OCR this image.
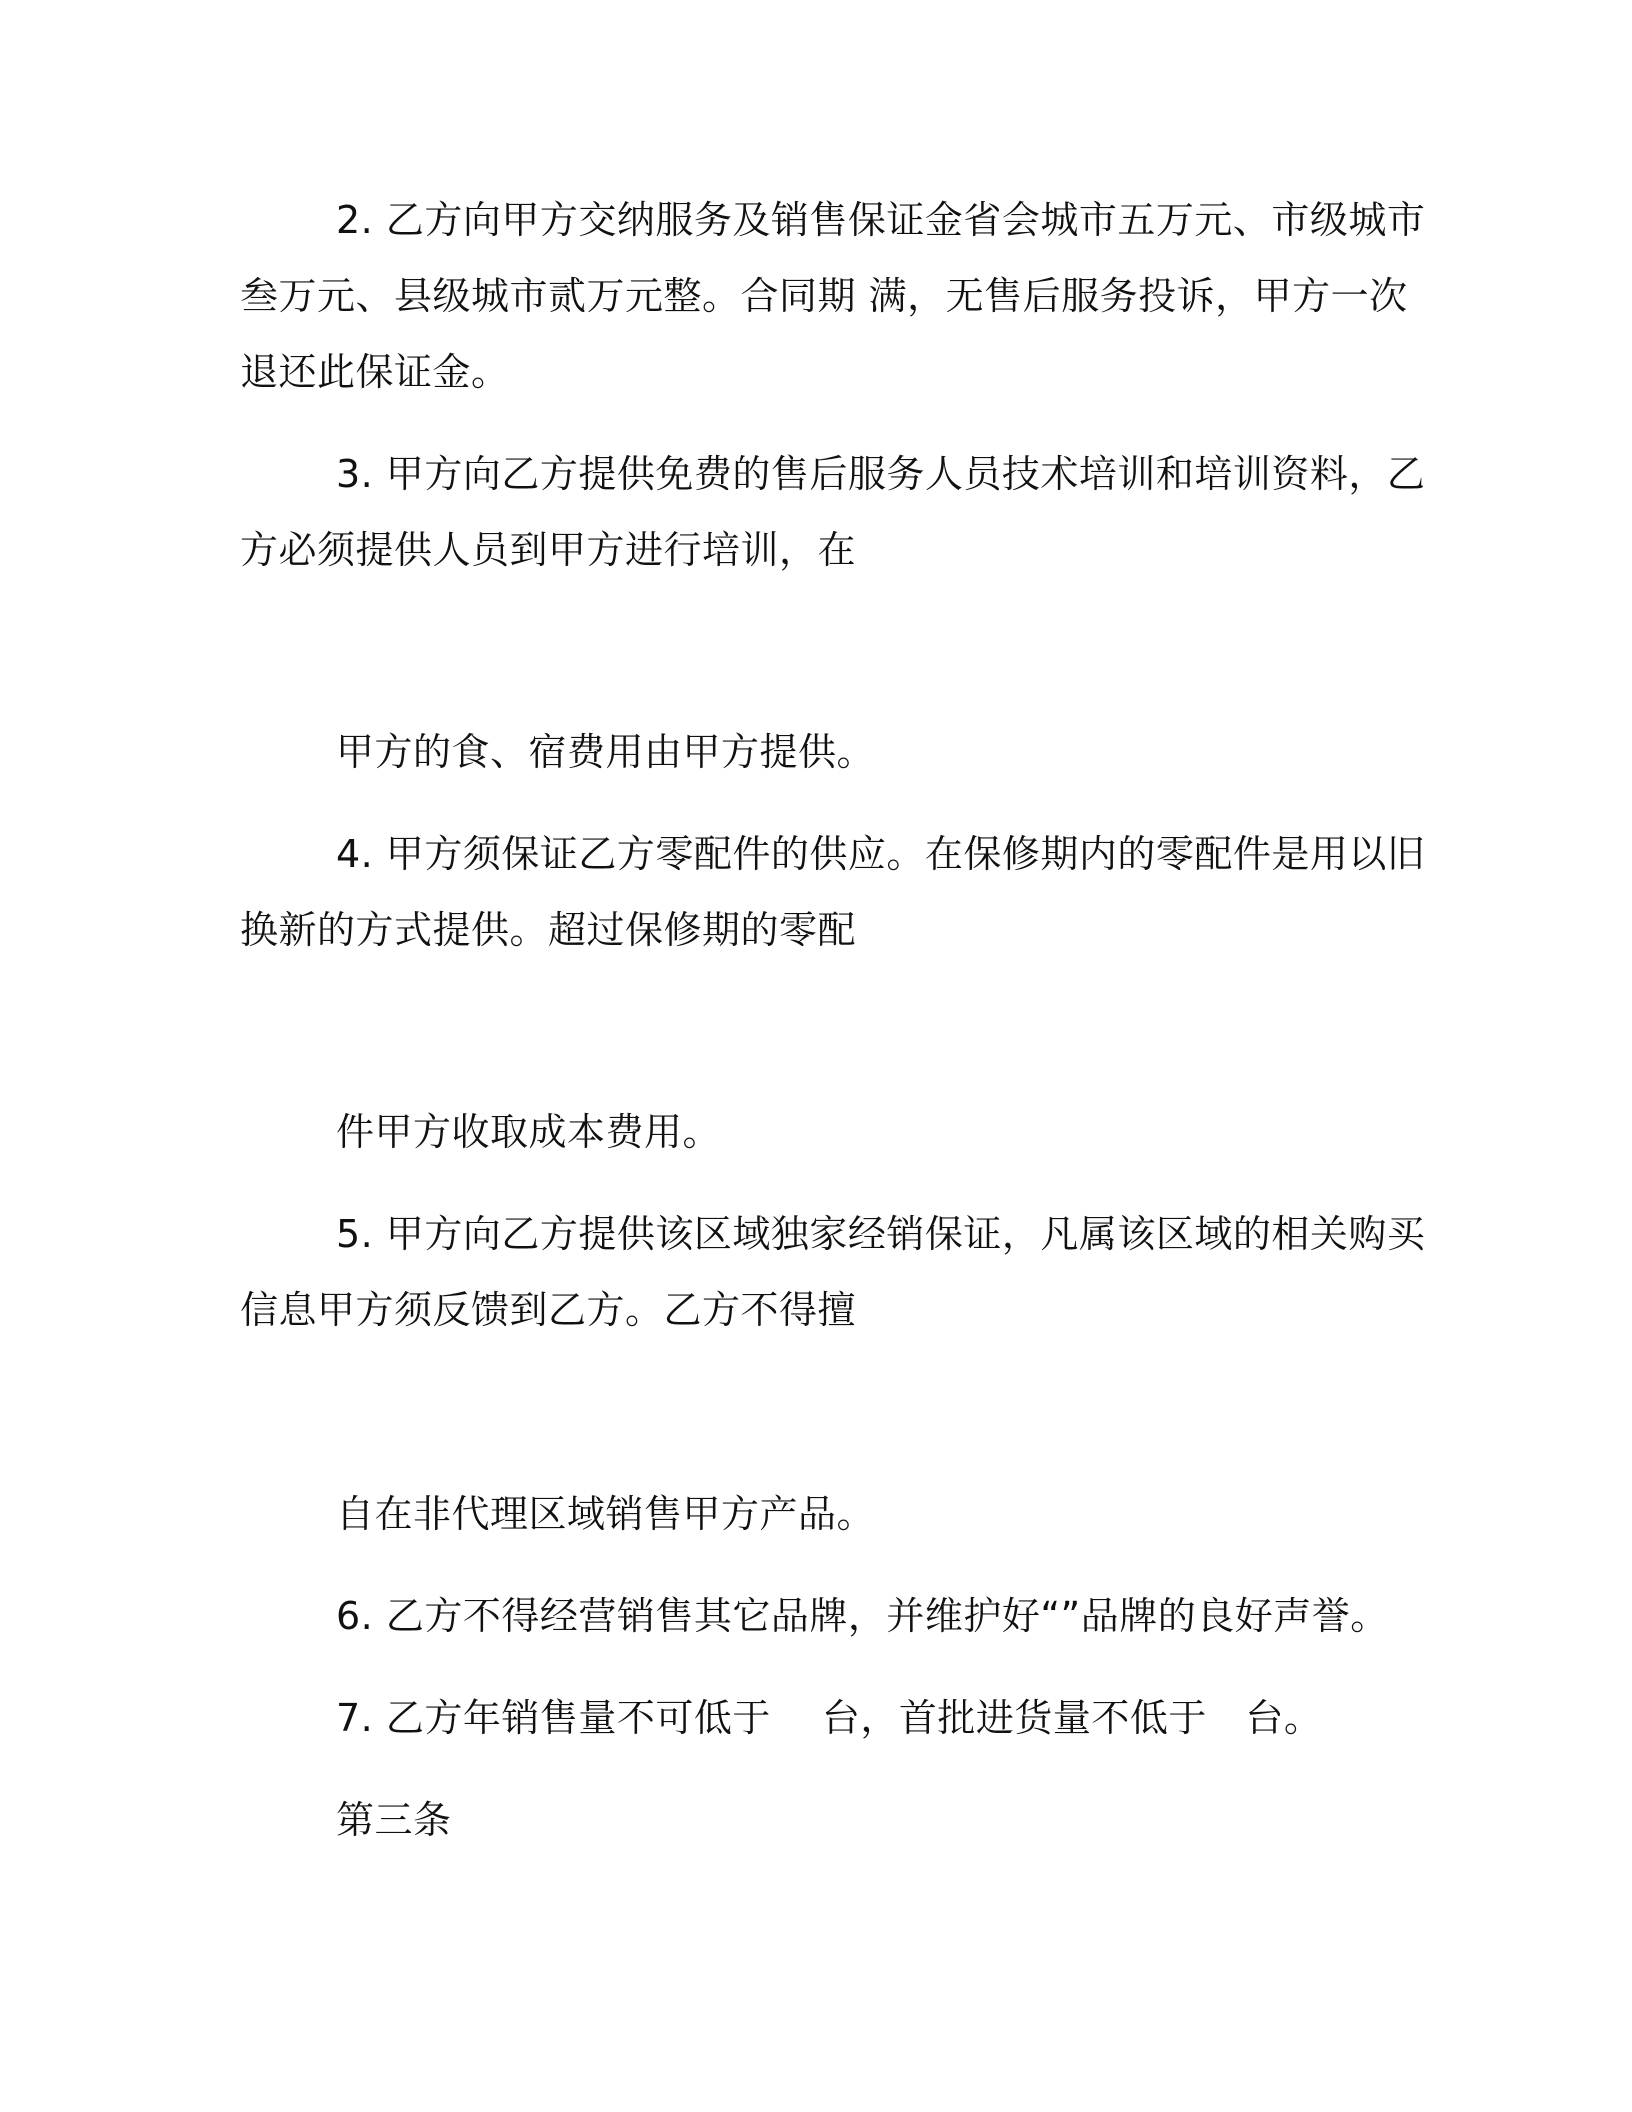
2. 乙方向甲方交纳服务及销售保证金省会城市五万元、市级城市
叁万元、县级城市贰万元整。合同期 满，无售后服务投诉，甲方一次
退还此保证金。
3. 甲方向乙方提供免费的售后服务人员技术培训和培训资料，乙
方必须提供人员到甲方进行培训，在
甲方的食、宿费用由甲方提供。
4. 甲方须保证乙方零配件的供应。在保修期内的零配件是用以旧
换新的方式提供。超过保修期的零配
件甲方收取成本费用。
5. 甲方向乙方提供该区域独家经销保证，凡属该区域的相关购买
信息甲方须反馈到乙方。乙方不得擅
自在非代理区域销售甲方产品。
6. 乙方不得经营销售其它品牌，并维护好“”品牌的良好声誉。
7. 乙方年销售量不可低于　 台，首批进货量不低于　台。
第三条
